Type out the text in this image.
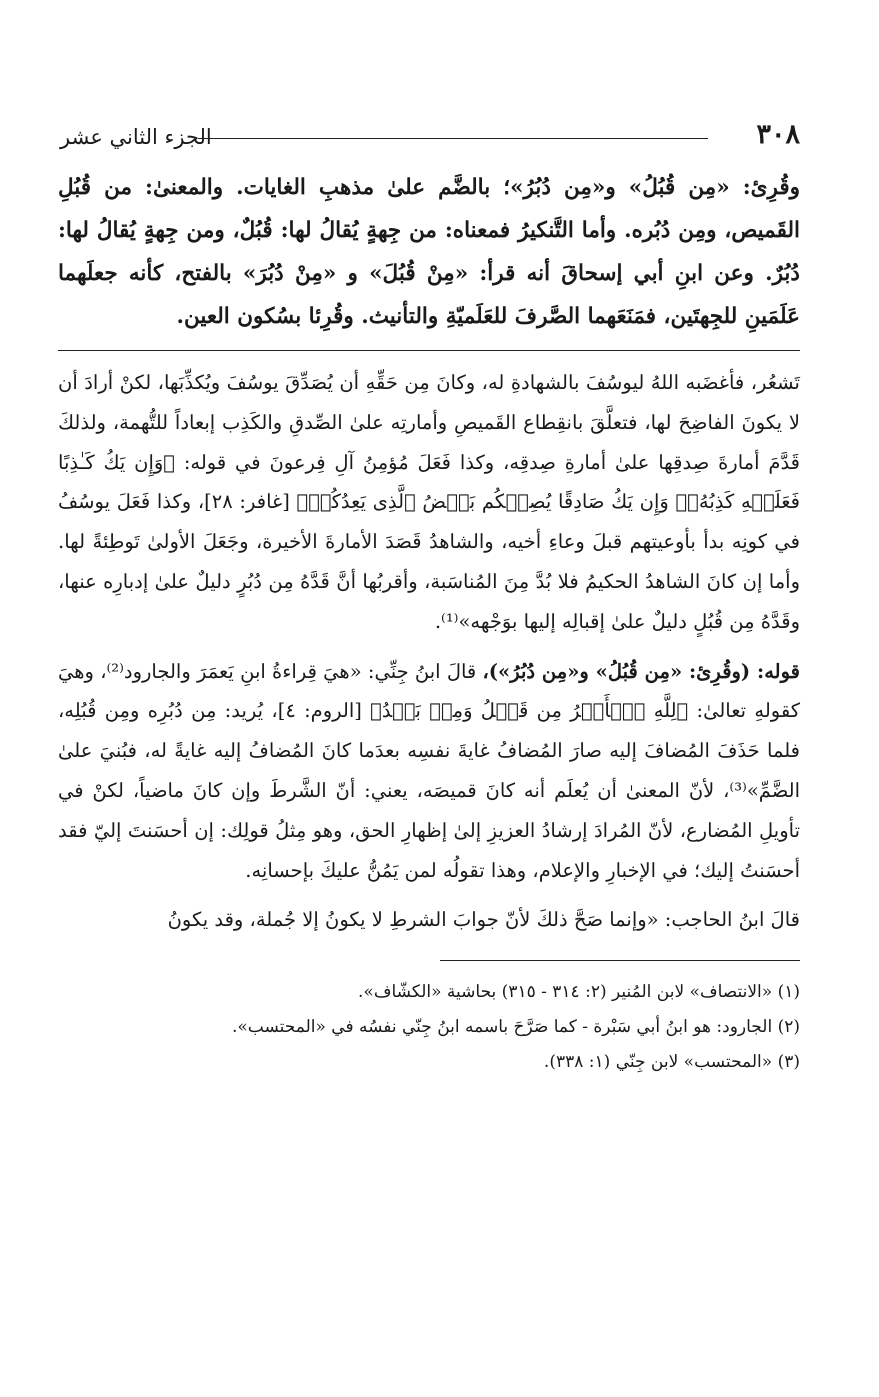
٣٠٨
الجزء الثاني عشر

وقُرِئ: «مِن قُبُلُ» و«مِن دُبُرُ»؛ بالضَّم علىٰ مذهبِ الغايات. والمعنىٰ: من قُبُلِ القَميص، ومِن دُبُره. وأما التَّنكيرُ فمعناه: من جِهةٍ يُقالُ لها: قُبُلٌ، ومن جِهةٍ يُقالُ لها: دُبُرٌ. وعن ابنِ أبي إسحاقَ أنه قرأ: «مِنْ قُبُلَ» و «مِنْ دُبُرَ» بالفتح، كأنه جعلَهما عَلَمَينِ للجِهتَين، فمَنَعَهما الصَّرفَ للعَلَميّةِ والتأنيث. وقُرِئا بسُكون العين.

تَشعُر، فأغضَبه اللهُ ليوسُفَ بالشهادةِ له، وكانَ مِن حَقِّهِ أن يُصَدِّقَ يوسُفَ ويُكذِّبَها، لكنْ أرادَ أن لا يكونَ الفاضِحَ لها، فتعلَّقَ بانقِطاع القَميصِ وأمارتِه علىٰ الصِّدقِ والكَذِب إبعاداً للتُّهمة، ولذلكَ قَدَّمَ أمارةَ صِدقِها علىٰ أمارةِ صِدقِه، وكذا فَعَلَ مُؤمِنُ آلِ فِرعونَ في قوله: ﴿وَإِن يَكُ كَـٰذِبًا فَعَلَيۡهِ كَذِبُهُۥۖ وَإِن يَكُ صَادِقًا يُصِبۡكُم بَعۡضُ ٱلَّذِى يَعِدُكُمۡ﴾ [غافر: ٢٨]، وكذا فَعَلَ يوسُفُ في كونِه بدأ بأوعيتهم قبلَ وعاءِ أخيه، والشاهدُ قَصَدَ الأمارةَ الأخيرة، وجَعَلَ الأولىٰ تَوطِئةً لها. وأما إن كانَ الشاهدُ الحكيمُ فلا بُدَّ مِنَ المُناسَبة، وأقربُها أنَّ قَدَّهُ مِن دُبُرٍ دليلٌ علىٰ إدبارِه عنها، وقَدَّهُ مِن قُبُلٍ دليلٌ علىٰ إقبالِه إليها بوَجْهه»⁽¹⁾.

قوله: (وقُرِئ: «مِن قُبُلُ» و«مِن دُبُرُ»)، قالَ ابنُ جِنِّي: «هيَ قِراءةُ ابنِ يَعمَرَ والجارود⁽²⁾، وهيَ كقولهِ تعالىٰ: ﴿لِلَّهِ ٱلۡأَمۡرُ مِن قَبۡلُ وَمِنۢ بَعۡدُ﴾ [الروم: ٤]، يُريد: مِن دُبُرِه ومِن قُبُلِه، فلما حَذَفَ المُضافَ إليه صارَ المُضافُ غايةَ نفسِه بعدَما كانَ المُضافُ إليه غايةً له، فبُنيَ علىٰ الضَّمِّ»⁽³⁾، لأنّ المعنىٰ أن يُعلَم أنه كانَ قميصَه، يعني: أنّ الشَّرطَ وإن كانَ ماضياً، لكنْ في تأويلِ المُضارع، لأنّ المُرادَ إرشادُ العزيزِ إلىٰ إظهارِ الحق، وهو مِثلُ قولِك: إن أحسَنتَ إليّ فقد أحسَنتُ إليك؛ في الإخبارِ والإعلام، وهذا تقولُه لمن يَمُنُّ عليكَ بإحسانِه.

قالَ ابنُ الحاجب: «وإنما صَحَّ ذلكَ لأنّ جوابَ الشرطِ لا يكونُ إلا جُملة، وقد يكونُ

(١) «الانتصاف» لابن المُنير (٢: ٣١٤ - ٣١٥) بحاشية «الكشّاف».

(٢) الجارود: هو ابنُ أبي سَبْرة - كما صَرَّحَ باسمه ابنُ جِنّي نفسُه في «المحتسب».

(٣) «المحتسب» لابن جِنّي (١: ٣٣٨).
